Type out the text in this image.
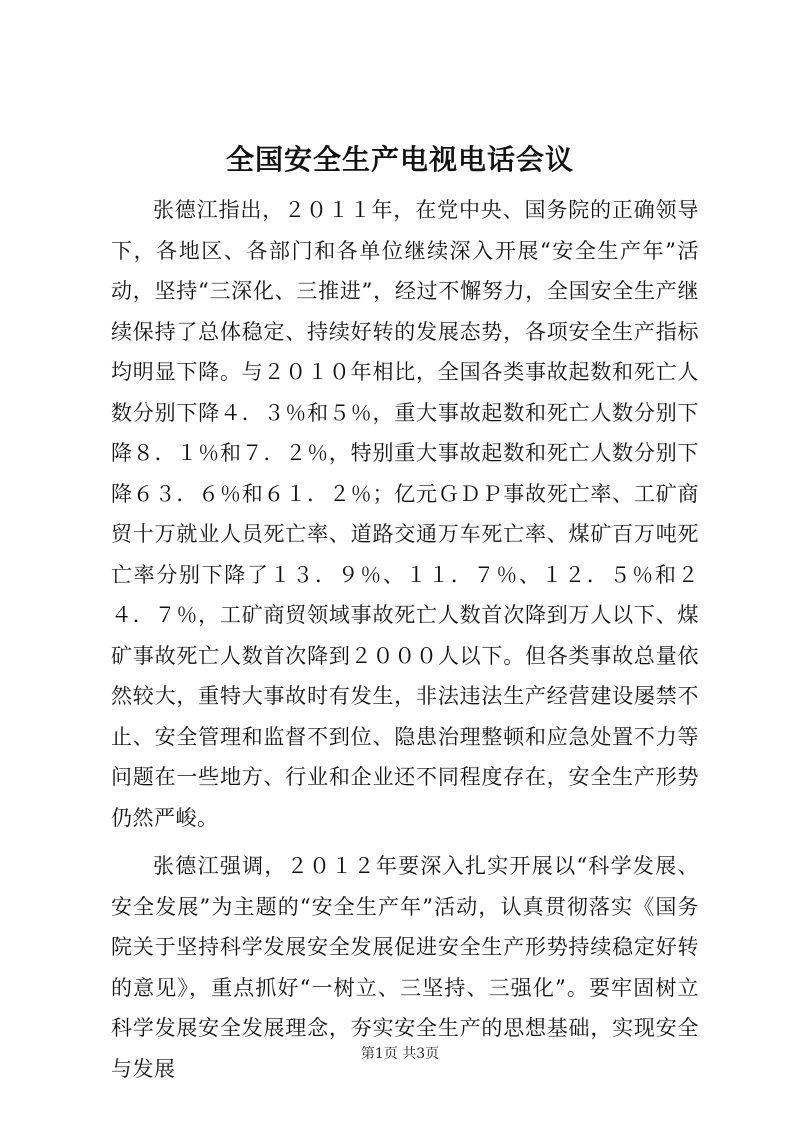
全国安全生产电视电话会议

张德江指出，２０１１年，在党中央、国务院的正确领导下，各地区、各部门和各单位继续深入开展“安全生产年”活动，坚持“三深化、三推进”，经过不懈努力，全国安全生产继续保持了总体稳定、持续好转的发展态势，各项安全生产指标均明显下降。与２０１０年相比，全国各类事故起数和死亡人数分别下降４．３％和５％，重大事故起数和死亡人数分别下降８．１％和７．２％，特别重大事故起数和死亡人数分别下降６３．６％和６１．２％；亿元ＧＤＰ事故死亡率、工矿商贸十万就业人员死亡率、道路交通万车死亡率、煤矿百万吨死亡率分别下降了１３．９％、１１．７％、１２．５％和２４．７％，工矿商贸领域事故死亡人数首次降到万人以下、煤矿事故死亡人数首次降到２０００人以下。但各类事故总量依然较大，重特大事故时有发生，非法违法生产经营建设屡禁不止、安全管理和监督不到位、隐患治理整顿和应急处置不力等问题在一些地方、行业和企业还不同程度存在，安全生产形势仍然严峻。

张德江强调，２０１２年要深入扎实开展以“科学发展、安全发展”为主题的“安全生产年”活动，认真贯彻落实《国务院关于坚持科学发展安全发展促进安全生产形势持续稳定好转的意见》，重点抓好“一树立、三坚持、三强化”。要牢固树立科学发展安全发展理念，夯实安全生产的思想基础，实现安全与发展

第1页 共3页
